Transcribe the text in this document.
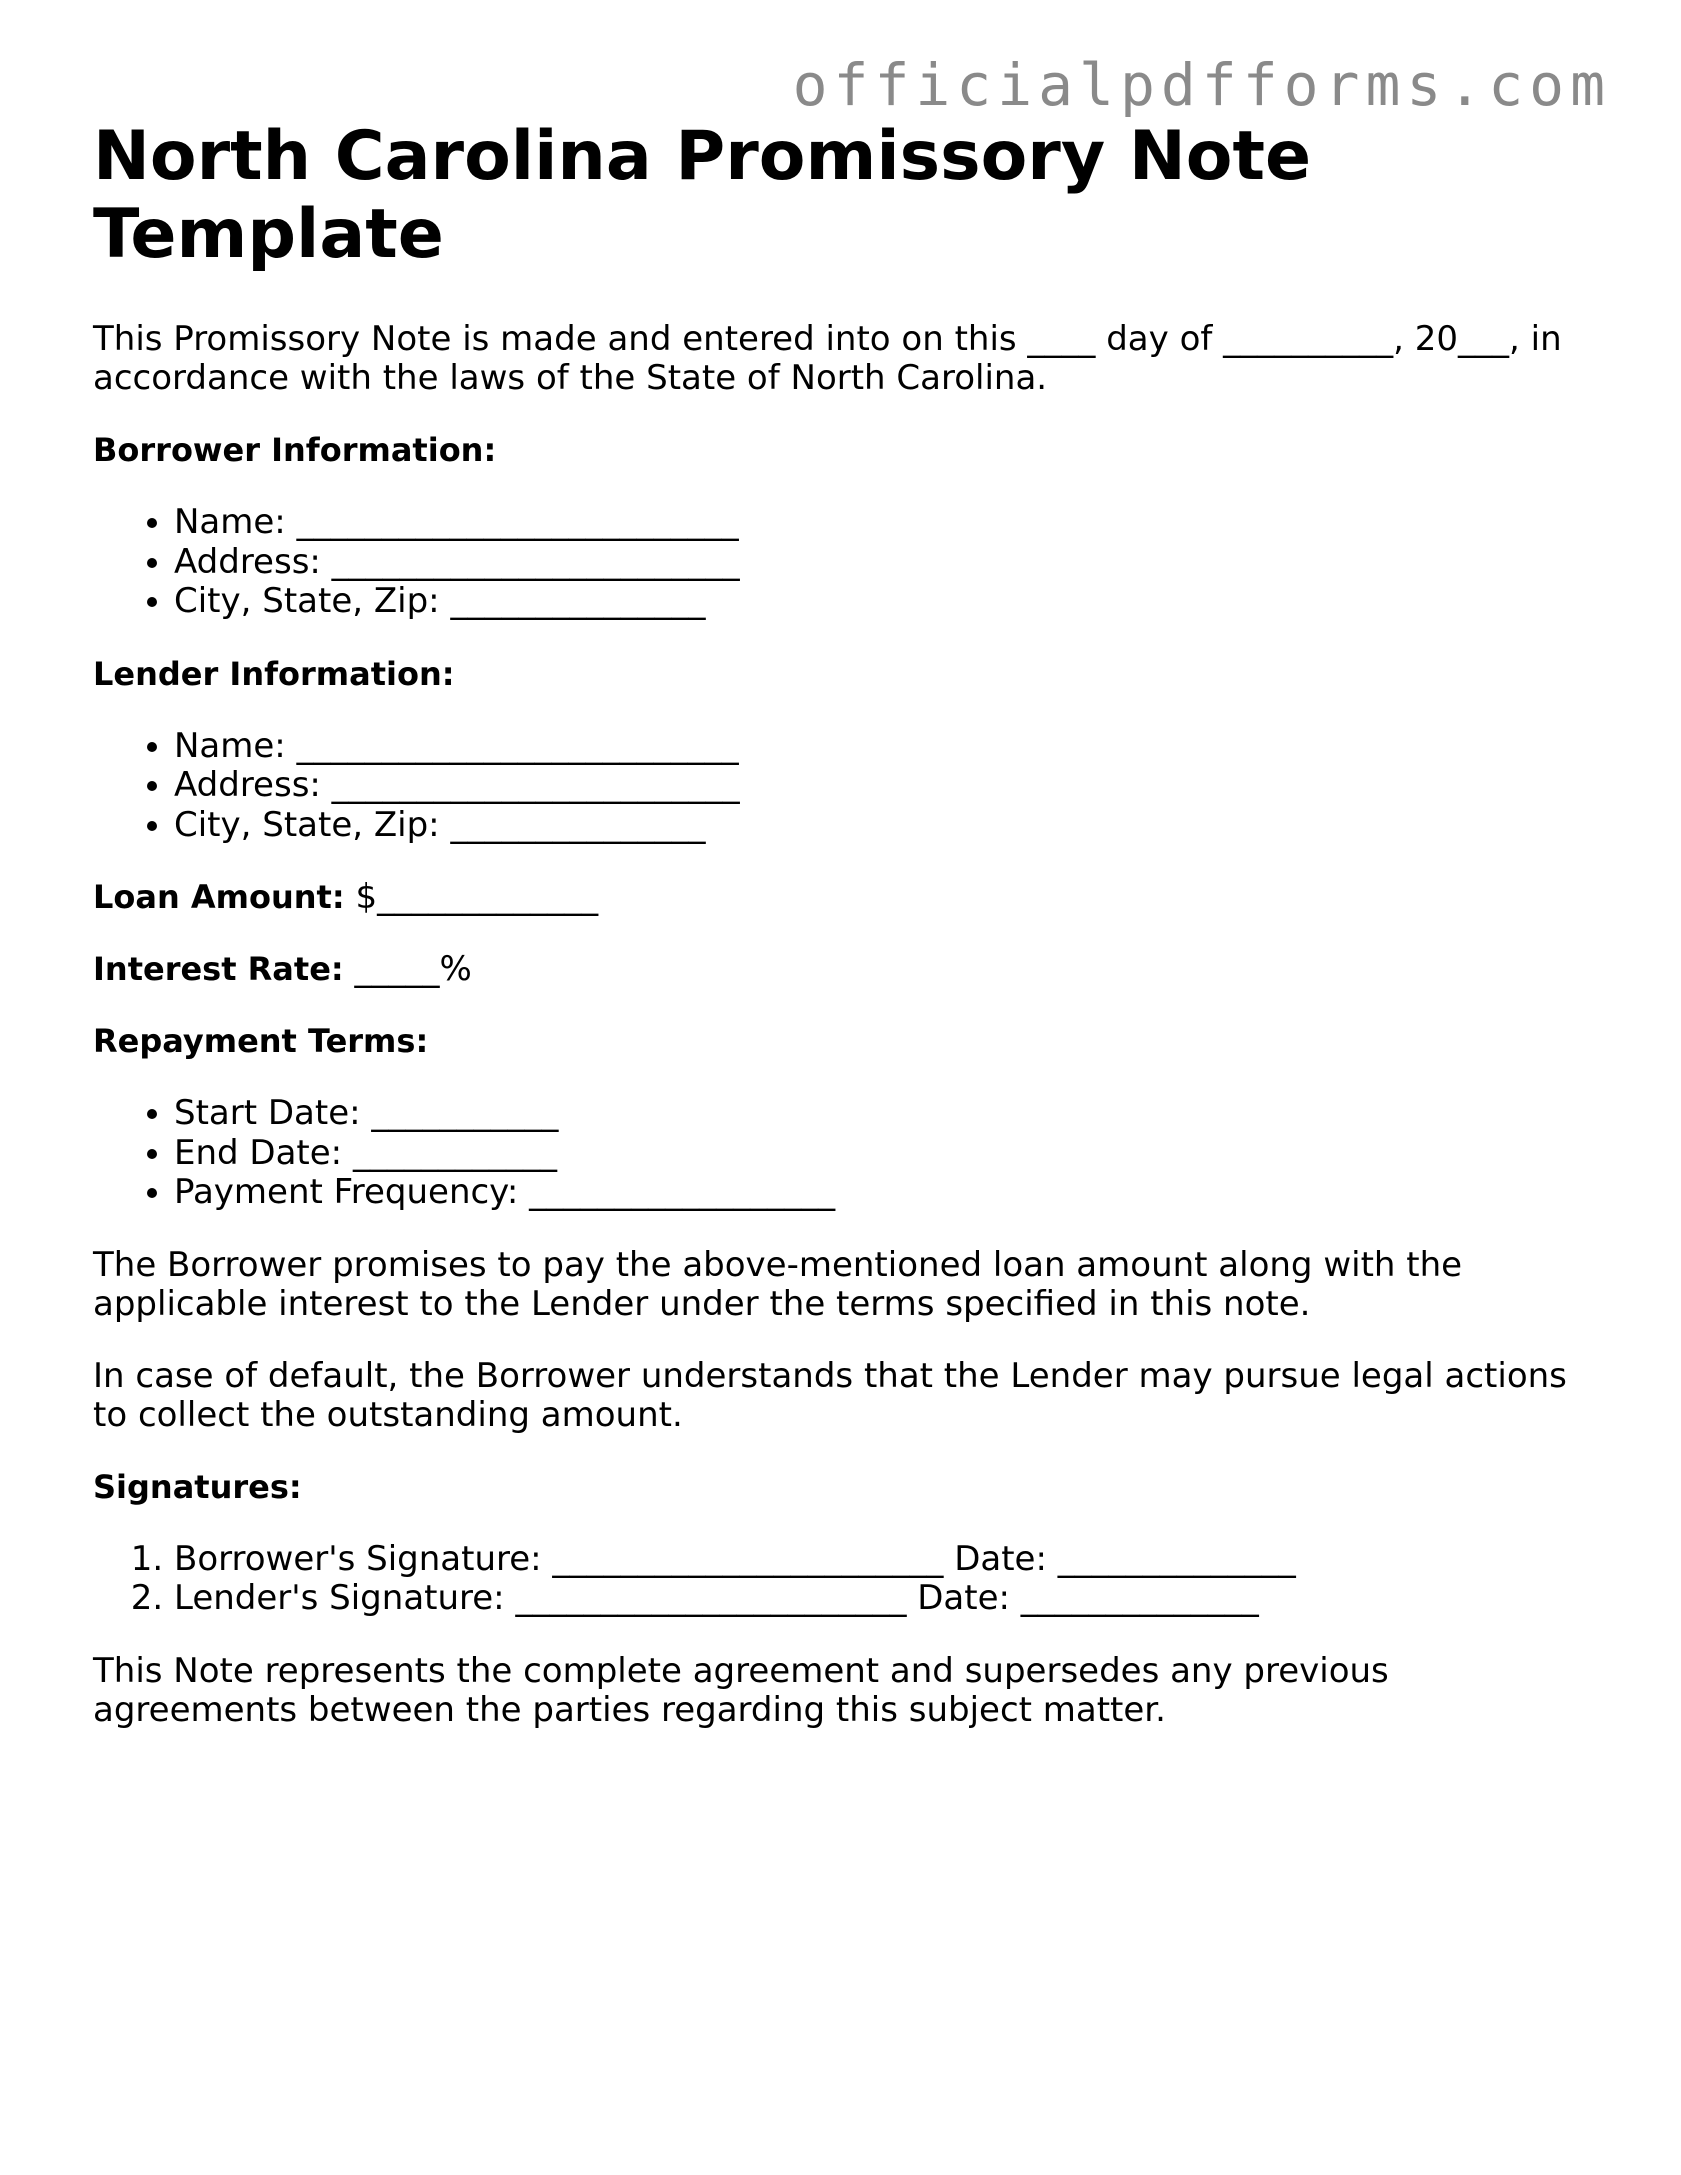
officialpdfforms.com
North Carolina Promissory Note Template

This Promissory Note is made and entered into on this ____ day of __________, 20___, in accordance with the laws of the State of North Carolina.

Borrower Information:

• Name: __________________________
• Address: ________________________
• City, State, Zip: _______________

Lender Information:

• Name: __________________________
• Address: ________________________
• City, State, Zip: _______________

Loan Amount: $_____________

Interest Rate: _____%

Repayment Terms:

• Start Date: ___________
• End Date: ____________
• Payment Frequency: __________________

The Borrower promises to pay the above-mentioned loan amount along with the applicable interest to the Lender under the terms specified in this note.

In case of default, the Borrower understands that the Lender may pursue legal actions to collect the outstanding amount.

Signatures:

1. Borrower's Signature: _______________________ Date: ______________
2. Lender's Signature: _______________________ Date: ______________

This Note represents the complete agreement and supersedes any previous agreements between the parties regarding this subject matter.
